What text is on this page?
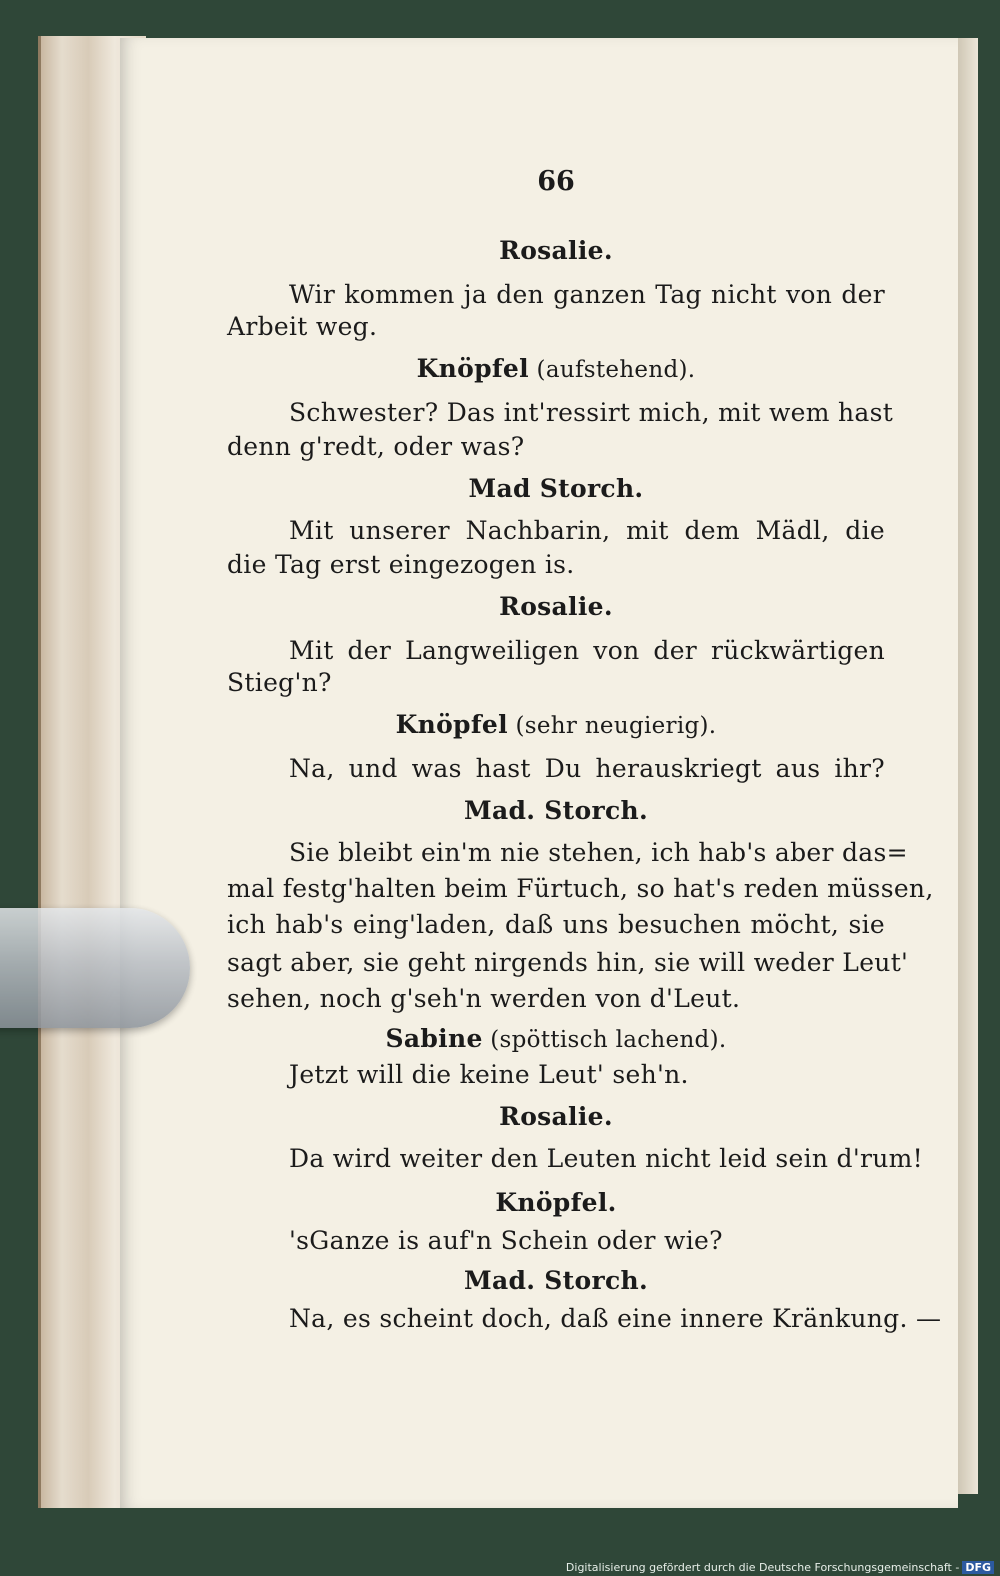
66
Rosalie.
Wir kommen ja den ganzen Tag nicht von der
Arbeit weg.
Knöpfel (aufstehend).
Schwester? Das int'ressirt mich, mit wem hast
denn g'redt, oder was?
Mad Storch.
Mit unserer Nachbarin, mit dem Mädl, die
die Tag erst eingezogen is.
Rosalie.
Mit der Langweiligen von der rückwärtigen
Stieg'n?
Knöpfel (sehr neugierig).
Na, und was hast Du herauskriegt aus ihr?
Mad. Storch.
Sie bleibt ein'm nie stehen, ich hab's aber das=
mal festg'halten beim Fürtuch, so hat's reden müssen,
ich hab's eing'laden, daß uns besuchen möcht, sie
sagt aber, sie geht nirgends hin, sie will weder Leut'
sehen, noch g'seh'n werden von d'Leut.
Sabine (spöttisch lachend).
Jetzt will die keine Leut' seh'n.
Rosalie.
Da wird weiter den Leuten nicht leid sein d'rum!
Knöpfel.
'sGanze is auf'n Schein oder wie?
Mad. Storch.
Na, es scheint doch, daß eine innere Kränkung. —
Digitalisierung gefördert durch die Deutsche Forschungsgemeinschaft - DFG
